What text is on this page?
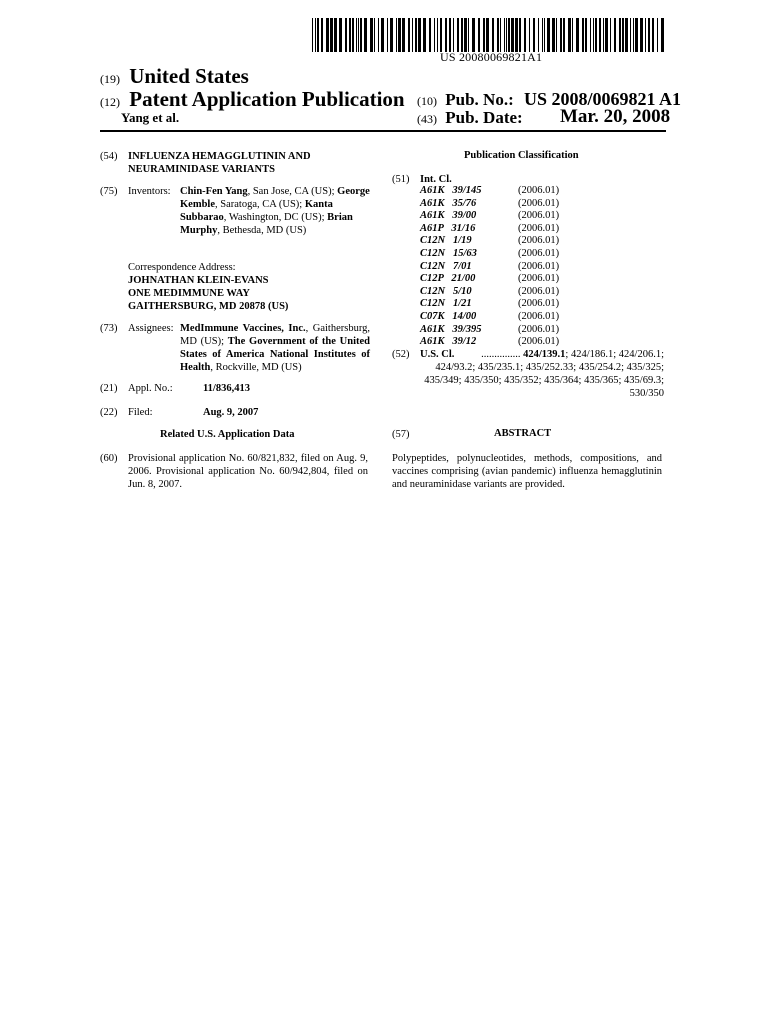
US 20080069821A1
(19) United States
(12) Patent Application Publication
Yang et al.
(10) Pub. No.: US 2008/0069821 A1
(43) Pub. Date: Mar. 20, 2008
(54) INFLUENZA HEMAGGLUTININ AND NEURAMINIDASE VARIANTS
(75) Inventors: Chin-Fen Yang, San Jose, CA (US); George Kemble, Saratoga, CA (US); Kanta Subbarao, Washington, DC (US); Brian Murphy, Bethesda, MD (US)
Correspondence Address:
JOHNATHAN KLEIN-EVANS
ONE MEDIMMUNE WAY
GAITHERSBURG, MD 20878 (US)
(73) Assignees: MedImmune Vaccines, Inc., Gaithersburg, MD (US); The Government of the United States of America National Institutes of Health, Rockville, MD (US)
(21) Appl. No.:	11/836,413
(22) Filed:	Aug. 9, 2007
Related U.S. Application Data
(60) Provisional application No. 60/821,832, filed on Aug. 9, 2006. Provisional application No. 60/942,804, filed on Jun. 8, 2007.
Publication Classification
(51) Int. Cl.
A61K   39/145	(2006.01)
A61K   35/76	(2006.01)
A61K   39/00	(2006.01)
A61P   31/16	(2006.01)
C12N   1/19	(2006.01)
C12N   15/63	(2006.01)
C12N   7/01	(2006.01)
C12P   21/00	(2006.01)
C12N   5/10	(2006.01)
C12N   1/21	(2006.01)
C07K   14/00	(2006.01)
A61K   39/395	(2006.01)
A61K   39/12	(2006.01)
(52) U.S. Cl.	............... 424/139.1; 424/186.1; 424/206.1; 424/93.2; 435/235.1; 435/252.33; 435/254.2; 435/325; 435/349; 435/350; 435/352; 435/364; 435/365; 435/69.3; 530/350
(57)	ABSTRACT
Polypeptides, polynucleotides, methods, compositions, and vaccines comprising (avian pandemic) influenza hemagglutinin and neuraminidase variants are provided.
